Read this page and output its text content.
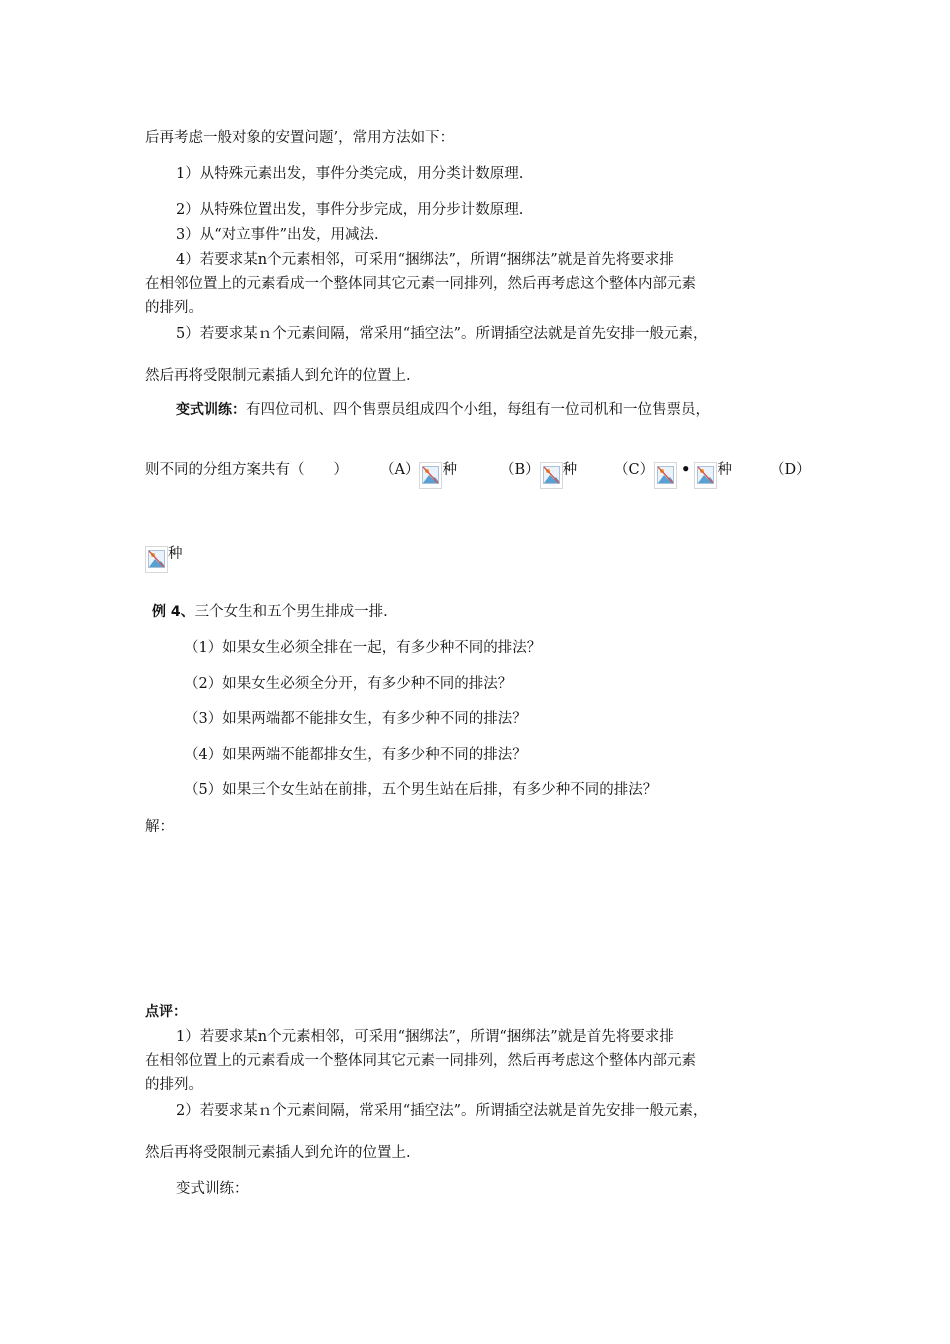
后再考虑一般对象的安置问题’，常用方法如下：
1）从特殊元素出发，事件分类完成，用分类计数原理.
2）从特殊位置出发，事件分步完成，用分步计数原理.
3）从“对立事件”出发，用减法.
4）若要求某n个元素相邻，可采用“捆绑法”，所谓“捆绑法”就是首先将要求排
在相邻位置上的元素看成一个整体同其它元素一同排列，然后再考虑这个整体内部元素
的排列。
5）若要求某ｎ个元素间隔，常采用“插空法”。所谓插空法就是首先安排一般元素，
然后再将受限制元素插人到允许的位置上.
变式训练：有四位司机、四个售票员组成四个小组，每组有一位司机和一位售票员，
则不同的分组方案共有（　　） （A） 种	（B） 种	（C） • 种	（D）
种
例 4、三个女生和五个男生排成一排.
（1）如果女生必须全排在一起，有多少种不同的排法？
（2）如果女生必须全分开，有多少种不同的排法？
（3）如果两端都不能排女生，有多少种不同的排法？
（4）如果两端不能都排女生，有多少种不同的排法？
（5）如果三个女生站在前排，五个男生站在后排，有多少种不同的排法？
解：
点评：
1）若要求某n个元素相邻，可采用“捆绑法”，所谓“捆绑法”就是首先将要求排
在相邻位置上的元素看成一个整体同其它元素一同排列，然后再考虑这个整体内部元素
的排列。
2）若要求某ｎ个元素间隔，常采用“插空法”。所谓插空法就是首先安排一般元素，
然后再将受限制元素插人到允许的位置上.
变式训练：
